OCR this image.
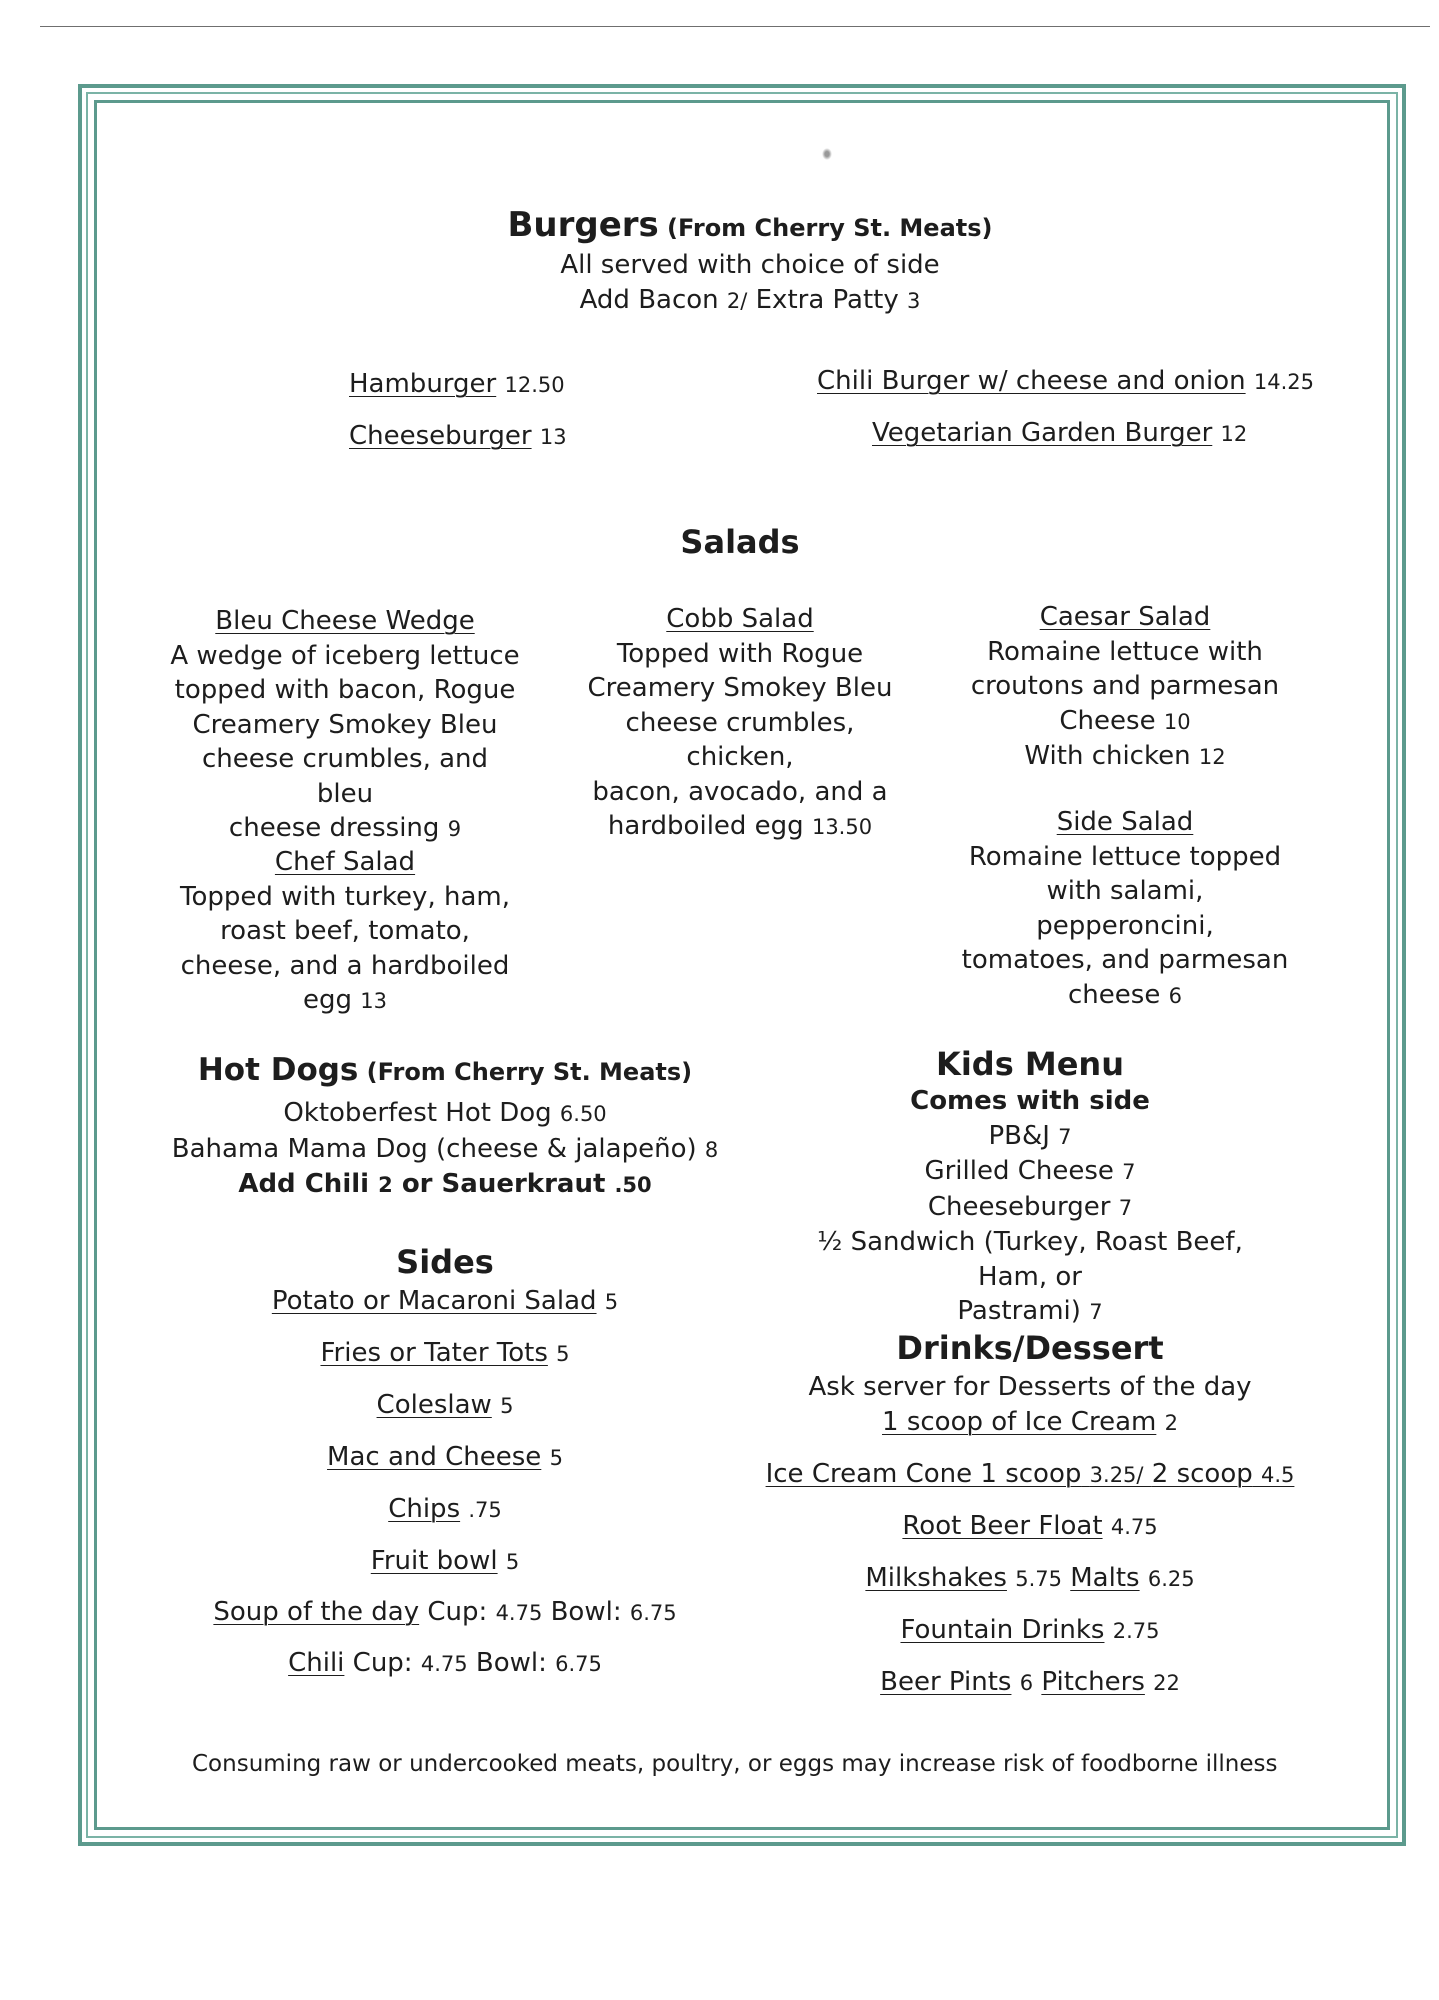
Burgers (From Cherry St. Meats)
All served with choice of side
Add Bacon 2/ Extra Patty 3
Hamburger 12.50
Cheeseburger 13
Chili Burger w/ cheese and onion 14.25
Vegetarian Garden Burger 12
Salads
Bleu Cheese Wedge
A wedge of iceberg lettuce
topped with bacon, Rogue
Creamery Smokey Bleu
cheese crumbles, and bleu
cheese dressing 9
Cobb Salad
Topped with Rogue
Creamery Smokey Bleu
cheese crumbles, chicken,
bacon, avocado, and a
hardboiled egg 13.50
Caesar Salad
Romaine lettuce with
croutons and parmesan
Cheese 10
With chicken 12
Chef Salad
Topped with turkey, ham,
roast beef, tomato,
cheese, and a hardboiled
egg 13
Side Salad
Romaine lettuce topped
with salami, pepperoncini,
tomatoes, and parmesan
cheese 6
Hot Dogs (From Cherry St. Meats)
Oktoberfest Hot Dog 6.50
Bahama Mama Dog (cheese & jalapeño) 8
Add Chili 2 or Sauerkraut .50
Kids Menu
Comes with side
PB&J 7
Grilled Cheese 7
Cheeseburger 7
½ Sandwich (Turkey, Roast Beef, Ham, or
Pastrami) 7
Sides
Potato or Macaroni Salad 5
Fries or Tater Tots 5
Coleslaw 5
Mac and Cheese 5
Chips .75
Fruit bowl 5
Soup of the day Cup: 4.75 Bowl: 6.75
Chili Cup: 4.75 Bowl: 6.75
Drinks/Dessert
Ask server for Desserts of the day
1 scoop of Ice Cream 2
Ice Cream Cone 1 scoop 3.25/ 2 scoop 4.5
Root Beer Float 4.75
Milkshakes 5.75 Malts 6.25
Fountain Drinks 2.75
Beer Pints 6 Pitchers 22
Consuming raw or undercooked meats, poultry, or eggs may increase risk of foodborne illness
